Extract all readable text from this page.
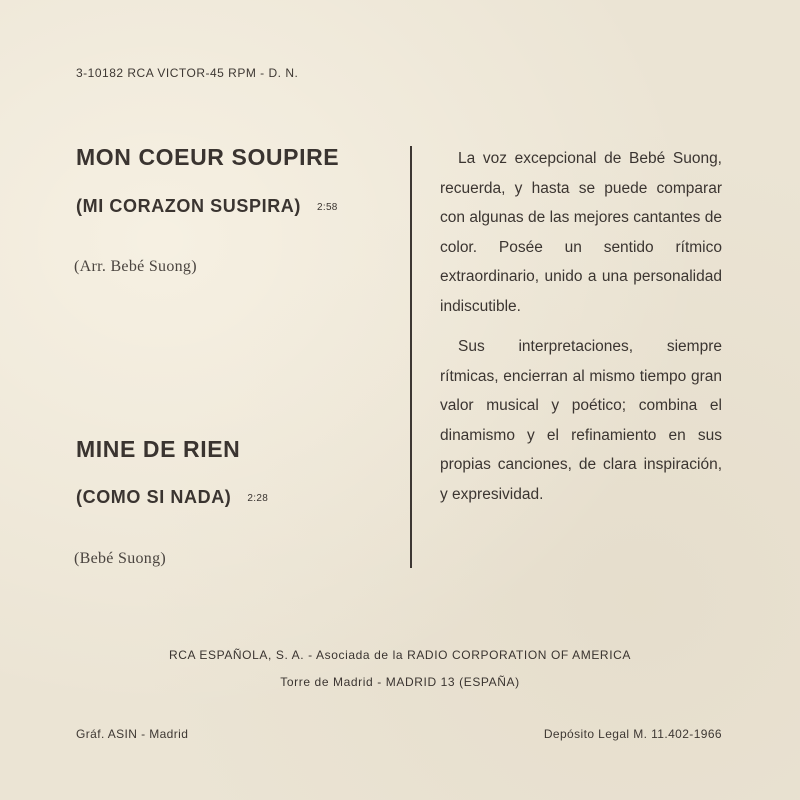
3-10182 RCA VICTOR-45 RPM - D. N.
MON COEUR SOUPIRE
(MI CORAZON SUSPIRA) 2:58
(Arr. Bebé Suong)
MINE DE RIEN
(COMO SI NADA) 2:28
(Bebé Suong)

La voz excepcional de Bebé Suong, recuerda, y hasta se puede comparar con algunas de las mejores cantantes de color. Posée un sentido rítmico extraordinario, unido a una personalidad indiscutible.

Sus interpretaciones, siempre rítmicas, encierran al mismo tiempo gran valor musical y poético; combina el dinamismo y el refinamiento en sus propias canciones, de clara inspiración, y expresividad.

RCA ESPAÑOLA, S. A. - Asociada de la RADIO CORPORATION OF AMERICA
Torre de Madrid - MADRID 13 (ESPAÑA)
Gráf. ASIN - Madrid	Depósito Legal M. 11.402-1966
